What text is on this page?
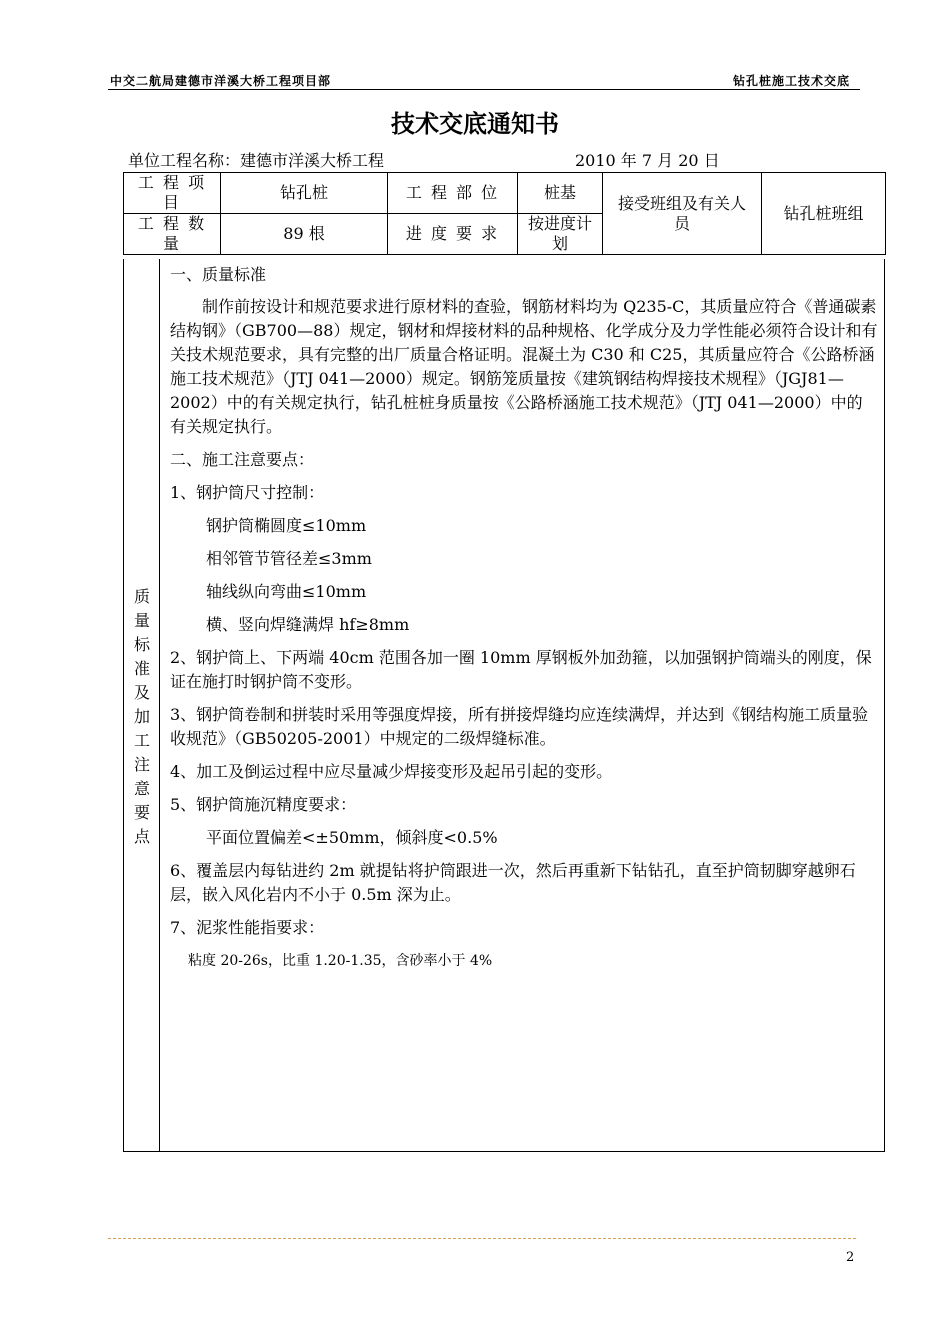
中交二航局建德市洋溪大桥工程项目部	钻孔桩施工技术交底
技术交底通知书
单位工程名称：建德市洋溪大桥工程	2010 年 7 月 20 日
工 程 项 目	钻孔桩	工 程 部 位	桩基	接受班组及有关人员	钻孔桩班组
工 程 数 量	89 根	进 度 要 求	按进度计划		
质量标准及加工注意要点

一、质量标准

制作前按设计和规范要求进行原材料的查验，钢筋材料均为 Q235-C，其质量应符合《普通碳素结构钢》（GB700—88）规定，钢材和焊接材料的品种规格、化学成分及力学性能必须符合设计和有关技术规范要求，具有完整的出厂质量合格证明。混凝土为 C30 和 C25，其质量应符合《公路桥涵施工技术规范》（JTJ 041—2000）规定。钢筋笼质量按《建筑钢结构焊接技术规程》（JGJ81—2002）中的有关规定执行，钻孔桩桩身质量按《公路桥涵施工技术规范》（JTJ 041—2000）中的有关规定执行。

二、施工注意要点：

1、钢护筒尺寸控制：

钢护筒椭圆度≤10mm

相邻管节管径差≤3mm

轴线纵向弯曲≤10mm

横、竖向焊缝满焊 hf≥8mm

2、钢护筒上、下两端 40cm 范围各加一圈 10mm 厚钢板外加劲箍，以加强钢护筒端头的刚度，保证在施打时钢护筒不变形。

3、钢护筒卷制和拼装时采用等强度焊接，所有拼接焊缝均应连续满焊，并达到《钢结构施工质量验收规范》（GB50205-2001）中规定的二级焊缝标准。

4、加工及倒运过程中应尽量减少焊接变形及起吊引起的变形。

5、钢护筒施沉精度要求：

平面位置偏差<±50mm，倾斜度<0.5%

6、覆盖层内每钻进约 2m 就提钻将护筒跟进一次，然后再重新下钻钻孔，直至护筒韧脚穿越卵石层，嵌入风化岩内不小于 0.5m 深为止。

7、泥浆性能指要求：

粘度 20-26s，比重 1.20-1.35，含砂率小于 4%

2
